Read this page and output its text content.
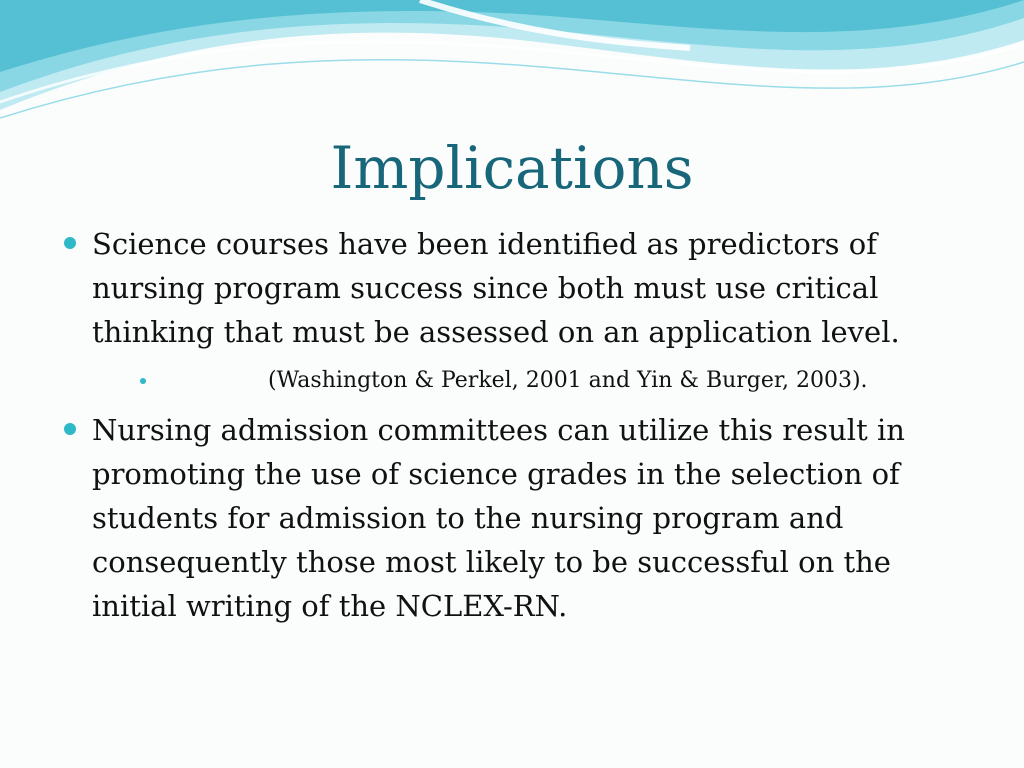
Implications
Science courses have been identified as predictors of nursing program success since both must use critical thinking that must be assessed on an application level.
(Washington & Perkel, 2001 and Yin & Burger, 2003).
Nursing admission committees can utilize this result in promoting the use of science grades in the selection of students for admission to the nursing program and consequently those most likely to be successful on the initial writing of the NCLEX-RN.
